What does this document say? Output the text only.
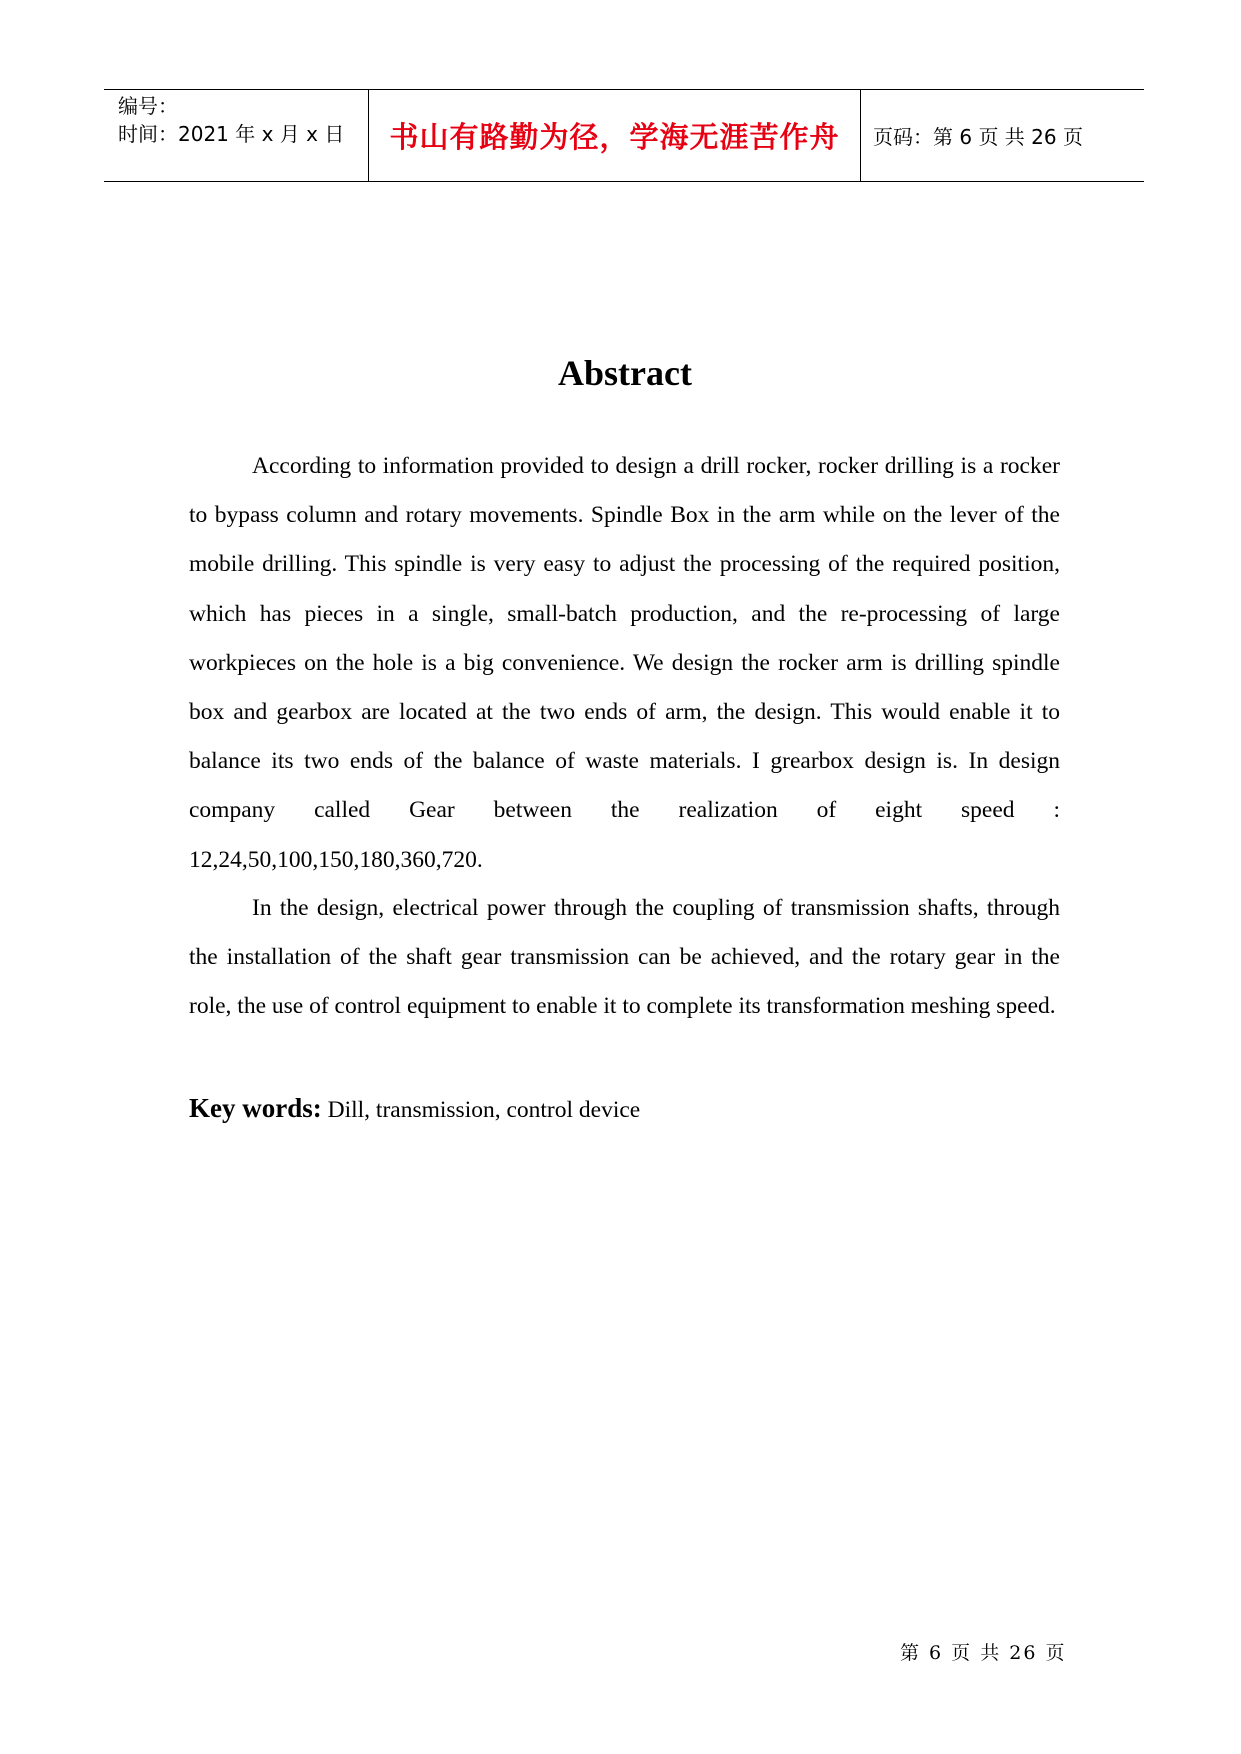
编号：
时间：2021 年 x 月 x 日	书山有路勤为径，学海无涯苦作舟 页码：第 6 页 共 26 页
Abstract

According to information provided to design a drill rocker, rocker drilling is a rocker to bypass column and rotary movements. Spindle Box in the arm while on the lever of the mobile drilling. This spindle is very easy to adjust the processing of the required position, which has pieces in a single, small-batch production, and the re-processing of large workpieces on the hole is a big convenience. We design the rocker arm is drilling spindle box and gearbox are located at the two ends of arm, the design. This would enable it to balance its two ends of the balance of waste materials. I grearbox design is. In design company called Gear between the realization of eight speed : 12,24,50,100,150,180,360,720.

In the design, electrical power through the coupling of transmission shafts, through the installation of the shaft gear transmission can be achieved, and the rotary gear in the role, the use of control equipment to enable it to complete its transformation meshing speed.

Key words: Dill, transmission, control device
第 6 页 共 26 页
